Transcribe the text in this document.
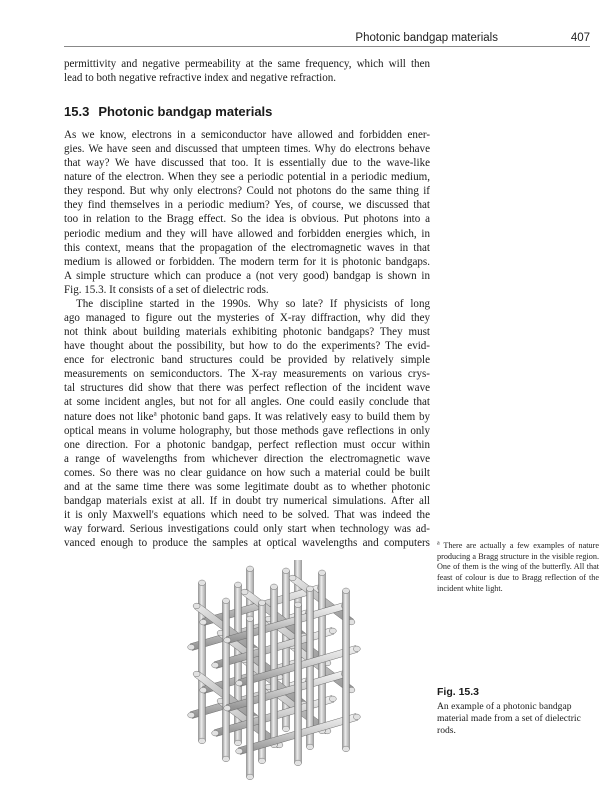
Photonic bandgap materials	407

permittivity and negative permeability at the same frequency, which will then
lead to both negative refractive index and negative refraction.

15.3 Photonic bandgap materials

As we know, electrons in a semiconductor have allowed and forbidden ener-
gies. We have seen and discussed that umpteen times. Why do electrons behave
that way? We have discussed that too. It is essentially due to the wave-like
nature of the electron. When they see a periodic potential in a periodic medium,
they respond. But why only electrons? Could not photons do the same thing if
they find themselves in a periodic medium? Yes, of course, we discussed that
too in relation to the Bragg effect. So the idea is obvious. Put photons into a
periodic medium and they will have allowed and forbidden energies which, in
this context, means that the propagation of the electromagnetic waves in that
medium is allowed or forbidden. The modern term for it is photonic bandgaps.
A simple structure which can produce a (not very good) bandgap is shown in
Fig. 15.3. It consists of a set of dielectric rods.

The discipline started in the 1990s. Why so late? If physicists of long
ago managed to figure out the mysteries of X-ray diffraction, why did they
not think about building materials exhibiting photonic bandgaps? They must
have thought about the possibility, but how to do the experiments? The evid-
ence for electronic band structures could be provided by relatively simple
measurements on semiconductors. The X-ray measurements on various crys-
tal structures did show that there was perfect reflection of the incident wave
at some incident angles, but not for all angles. One could easily conclude that
nature does not like$^a$ photonic band gaps. It was relatively easy to build them by
optical means in volume holography, but those methods gave reflections in only
one direction. For a photonic bandgap, perfect reflection must occur within
a range of wavelengths from whichever direction the electromagnetic wave
comes. So there was no clear guidance on how such a material could be built
and at the same time there was some legitimate doubt as to whether photonic
bandgap materials exist at all. If in doubt try numerical simulations. After all
it is only Maxwell's equations which need to be solved. That was indeed the
way forward. Serious investigations could only start when technology was ad-
vanced enough to produce the samples at optical wavelengths and computers $^a$ There are actually a few examples of nature producing a Bragg structure in the visible region. One of them is the wing of the butterfly. All that feast of colour is due to Bragg reflection of the incident white light.
Fig. 15.3
An example of a photonic bandgap material made from a set of dielectric rods.
